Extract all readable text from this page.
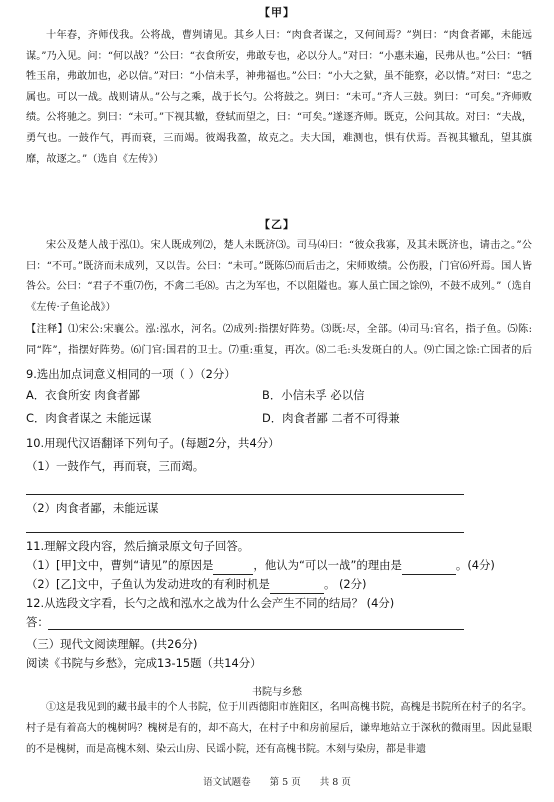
【甲】
十年春，齐师伐我。公将战，曹刿请见。其乡人曰：“肉食者谋之，又何间焉？”刿曰：“肉食者鄙，未能远谋。”乃入见。问：“何以战？”公曰：“衣食所安，弗敢专也，必以分人。”对曰：“小惠未遍，民弗从也。”公曰：“牺牲玉帛，弗敢加也，必以信。”对曰：“小信未孚，神弗福也。”公曰：“小大之狱，虽不能察，必以情。”对曰：“忠之属也。可以一战。战则请从。”公与之乘，战于长勺。公将鼓之。刿曰：“未可。”齐人三鼓。刿曰：“可矣。”齐师败绩。公将驰之。刿曰：“未可。”下视其辙，登轼而望之，曰：“可矣。”遂逐齐师。既克，公问其故。对曰：“夫战，勇气也。一鼓作气，再而衰，三而竭。彼竭我盈，故克之。夫大国，难测也，惧有伏焉。吾视其辙乱，望其旗靡，故逐之。”（选自《左传》）
【乙】
宋公及楚人战于泓⑴。宋人既成列⑵，楚人未既济⑶。司马⑷曰：“彼众我寡，及其未既济也，请击之。”公曰：“不可。”既济而未成列，又以告。公曰：“未可。”既陈⑸而后击之，宋师败绩。公伤股，门官⑹歼焉。国人皆咎公。公曰：“君子不重⑺伤，不禽二毛⑻。古之为军也，不以阻隘也。寡人虽亡国之馀⑼，不鼓不成列。”（选自《左传·子鱼论战》）
【注释】⑴宋公:宋襄公。泓:泓水，河名。⑵成列:指摆好阵势。⑶既:尽，全部。⑷司马:官名，指子鱼。⑸陈:同“阵”，指摆好阵势。⑹门官:国君的卫士。⑺重:重复，再次。⑻二毛:头发斑白的人。⑼亡国之馀:亡国者的后
9.选出加点词意义相同的一项（ ）（2分）
A．衣食所安 肉食者鄙	B．小信未孚 必以信
C．肉食者谋之 未能远谋	D．肉食者鄙 二者不可得兼
10.用现代汉语翻译下列句子。(每题2分，共4分）
（1）一鼓作气，再而衰，三而竭。
（2）肉食者鄙，未能远谋
11.理解文段内容，然后摘录原文句子回答。
（1）[甲]文中，曹刿“请见”的原因是	，他认为“可以一战”的理由是	。(4分)
（2）[乙]文中，子鱼认为发动进攻的有利时机是	。 (2分)
12.从选段文字看，长勺之战和泓水之战为什么会产生不同的结局？ (4分)
答：
（三）现代文阅读理解。(共26分)
阅读《书院与乡愁》，完成13-15题（共14分）
书院与乡愁
①这是我见到的藏书最丰的个人书院，位于川西德阳市旌阳区，名叫高槐书院，高槐是书院所在村子的名字。村子是有着高大的槐树吗？槐树是有的，却不高大，在村子中和房前屋后，谦卑地站立于深秋的微雨里。因此显眼的不是槐树，而是高槐木刻、染云山房、民谣小院，还有高槐书院。木刻与染房，都是非遗
语文试题卷 第 5 页 共 8 页
